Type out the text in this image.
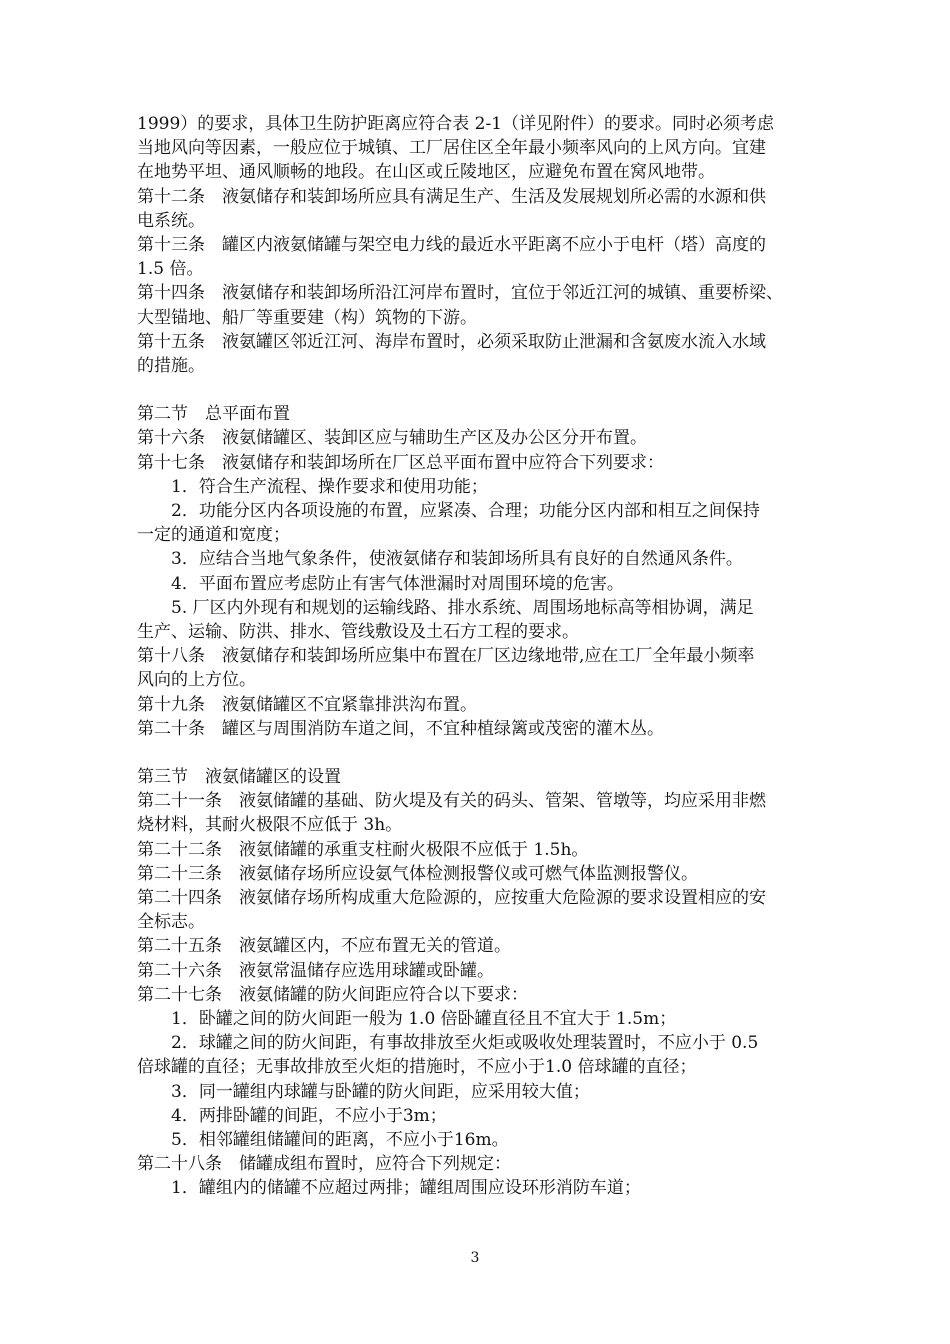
1999）的要求，具体卫生防护距离应符合表 2-1（详见附件）的要求。同时必须考虑
当地风向等因素，一般应位于城镇、工厂居住区全年最小频率风向的上风方向。宜建
在地势平坦、通风顺畅的地段。在山区或丘陵地区，应避免布置在窝风地带。
第十二条　液氨储存和装卸场所应具有满足生产、生活及发展规划所必需的水源和供
电系统。
第十三条　罐区内液氨储罐与架空电力线的最近水平距离不应小于电杆（塔）高度的
1.5 倍。
第十四条　液氨储存和装卸场所沿江河岸布置时，宜位于邻近江河的城镇、重要桥梁、
大型锚地、船厂等重要建（构）筑物的下游。
第十五条　液氨罐区邻近江河、海岸布置时，必须采取防止泄漏和含氨废水流入水域
的措施。
第二节　总平面布置
第十六条　液氨储罐区、装卸区应与辅助生产区及办公区分开布置。
第十七条　液氨储存和装卸场所在厂区总平面布置中应符合下列要求：
1．符合生产流程、操作要求和使用功能；
2．功能分区内各项设施的布置，应紧凑、合理；功能分区内部和相互之间保持
一定的通道和宽度；
3．应结合当地气象条件，使液氨储存和装卸场所具有良好的自然通风条件。
4．平面布置应考虑防止有害气体泄漏时对周围环境的危害。
5. 厂区内外现有和规划的运输线路、排水系统、周围场地标高等相协调，满足
生产、运输、防洪、排水、管线敷设及土石方工程的要求。
第十八条　液氨储存和装卸场所应集中布置在厂区边缘地带,应在工厂全年最小频率
风向的上方位。
第十九条　液氨储罐区不宜紧靠排洪沟布置。
第二十条　罐区与周围消防车道之间，不宜种植绿篱或茂密的灌木丛。
第三节　液氨储罐区的设置
第二十一条　液氨储罐的基础、防火堤及有关的码头、管架、管墩等，均应采用非燃
烧材料，其耐火极限不应低于 3h。
第二十二条　液氨储罐的承重支柱耐火极限不应低于 1.5h。
第二十三条　液氨储存场所应设氨气体检测报警仪或可燃气体监测报警仪。
第二十四条　液氨储存场所构成重大危险源的，应按重大危险源的要求设置相应的安
全标志。
第二十五条　液氨罐区内，不应布置无关的管道。
第二十六条　液氨常温储存应选用球罐或卧罐。
第二十七条　液氨储罐的防火间距应符合以下要求：
1．卧罐之间的防火间距一般为 1.0 倍卧罐直径且不宜大于 1.5m；
2．球罐之间的防火间距，有事故排放至火炬或吸收处理装置时，不应小于 0.5
倍球罐的直径；无事故排放至火炬的措施时，不应小于1.0 倍球罐的直径；
3．同一罐组内球罐与卧罐的防火间距，应采用较大值；
4．两排卧罐的间距，不应小于3m；
5．相邻罐组储罐间的距离，不应小于16m。
第二十八条　储罐成组布置时，应符合下列规定：
1．罐组内的储罐不应超过两排；罐组周围应设环形消防车道；
3
